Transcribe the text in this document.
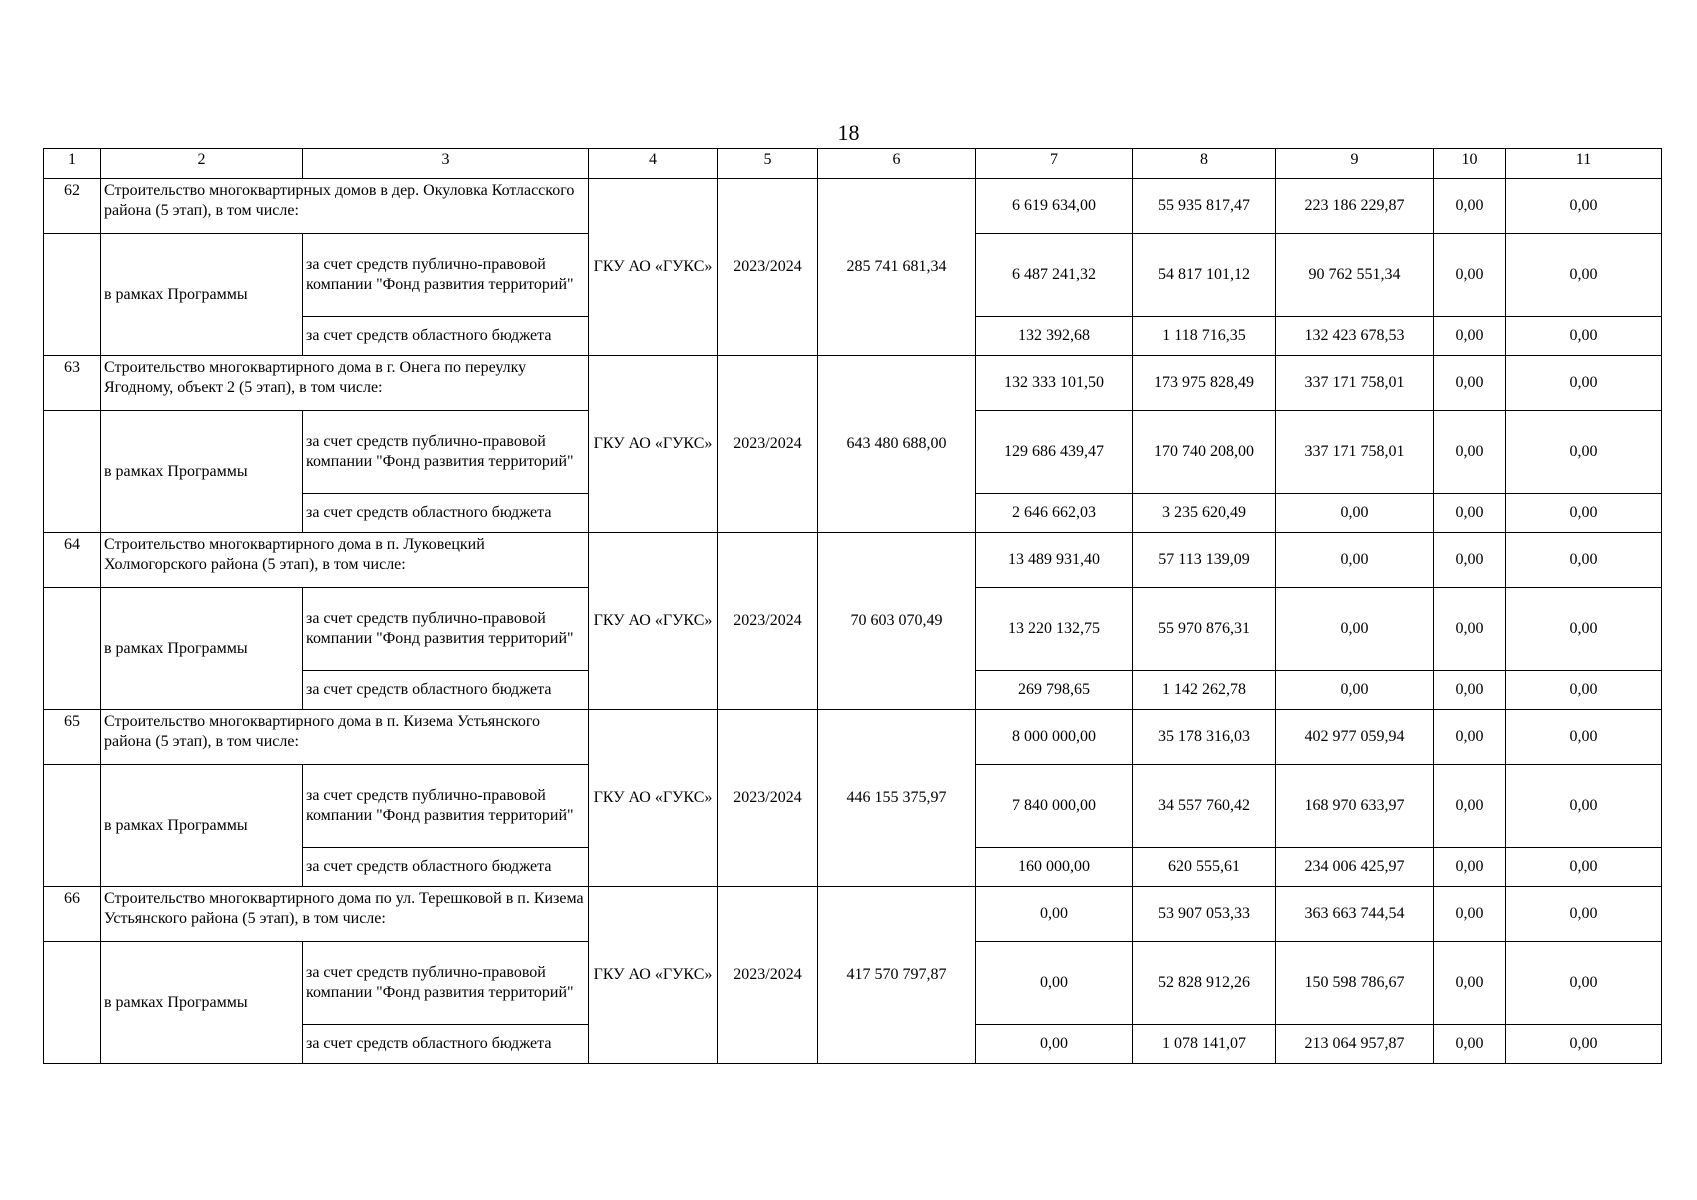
18
1	2	3	4	5	6	7	8	9	10	11
62	Строительство многоквартирных домов в дер. Окуловка Котласского района (5 этап), в том числе:		ГКУ АО «ГУКС»	2023/2024	285 741 681,34	6 619 634,00	55 935 817,47	223 186 229,87	0,00	0,00
	в рамках Программы	за счет средств публично-правовой компании "Фонд развития территорий"				6 487 241,32	54 817 101,12	90 762 551,34	0,00	0,00
		за счет средств областного бюджета				132 392,68	1 118 716,35	132 423 678,53	0,00	0,00
63	Строительство многоквартирного дома в г. Онега по переулку Ягодному, объект 2 (5 этап), в том числе:		ГКУ АО «ГУКС»	2023/2024	643 480 688,00	132 333 101,50	173 975 828,49	337 171 758,01	0,00	0,00
	в рамках Программы	за счет средств публично-правовой компании "Фонд развития территорий"				129 686 439,47	170 740 208,00	337 171 758,01	0,00	0,00
		за счет средств областного бюджета				2 646 662,03	3 235 620,49	0,00	0,00	0,00
64	Строительство многоквартирного дома в п. Луковецкий Холмогорского района (5 этап), в том числе:		ГКУ АО «ГУКС»	2023/2024	70 603 070,49	13 489 931,40	57 113 139,09	0,00	0,00	0,00
	в рамках Программы	за счет средств публично-правовой компании "Фонд развития территорий"				13 220 132,75	55 970 876,31	0,00	0,00	0,00
		за счет средств областного бюджета				269 798,65	1 142 262,78	0,00	0,00	0,00
65	Строительство многоквартирного дома в п. Кизема Устьянского района (5 этап), в том числе:		ГКУ АО «ГУКС»	2023/2024	446 155 375,97	8 000 000,00	35 178 316,03	402 977 059,94	0,00	0,00
	в рамках Программы	за счет средств публично-правовой компании "Фонд развития территорий"				7 840 000,00	34 557 760,42	168 970 633,97	0,00	0,00
		за счет средств областного бюджета				160 000,00	620 555,61	234 006 425,97	0,00	0,00
66	Строительство многоквартирного дома по ул. Терешковой в п. Кизема Устьянского района (5 этап), в том числе:		ГКУ АО «ГУКС»	2023/2024	417 570 797,87	0,00	53 907 053,33	363 663 744,54	0,00	0,00
	в рамках Программы	за счет средств публично-правовой компании "Фонд развития территорий"				0,00	52 828 912,26	150 598 786,67	0,00	0,00
		за счет средств областного бюджета				0,00	1 078 141,07	213 064 957,87	0,00	0,00
